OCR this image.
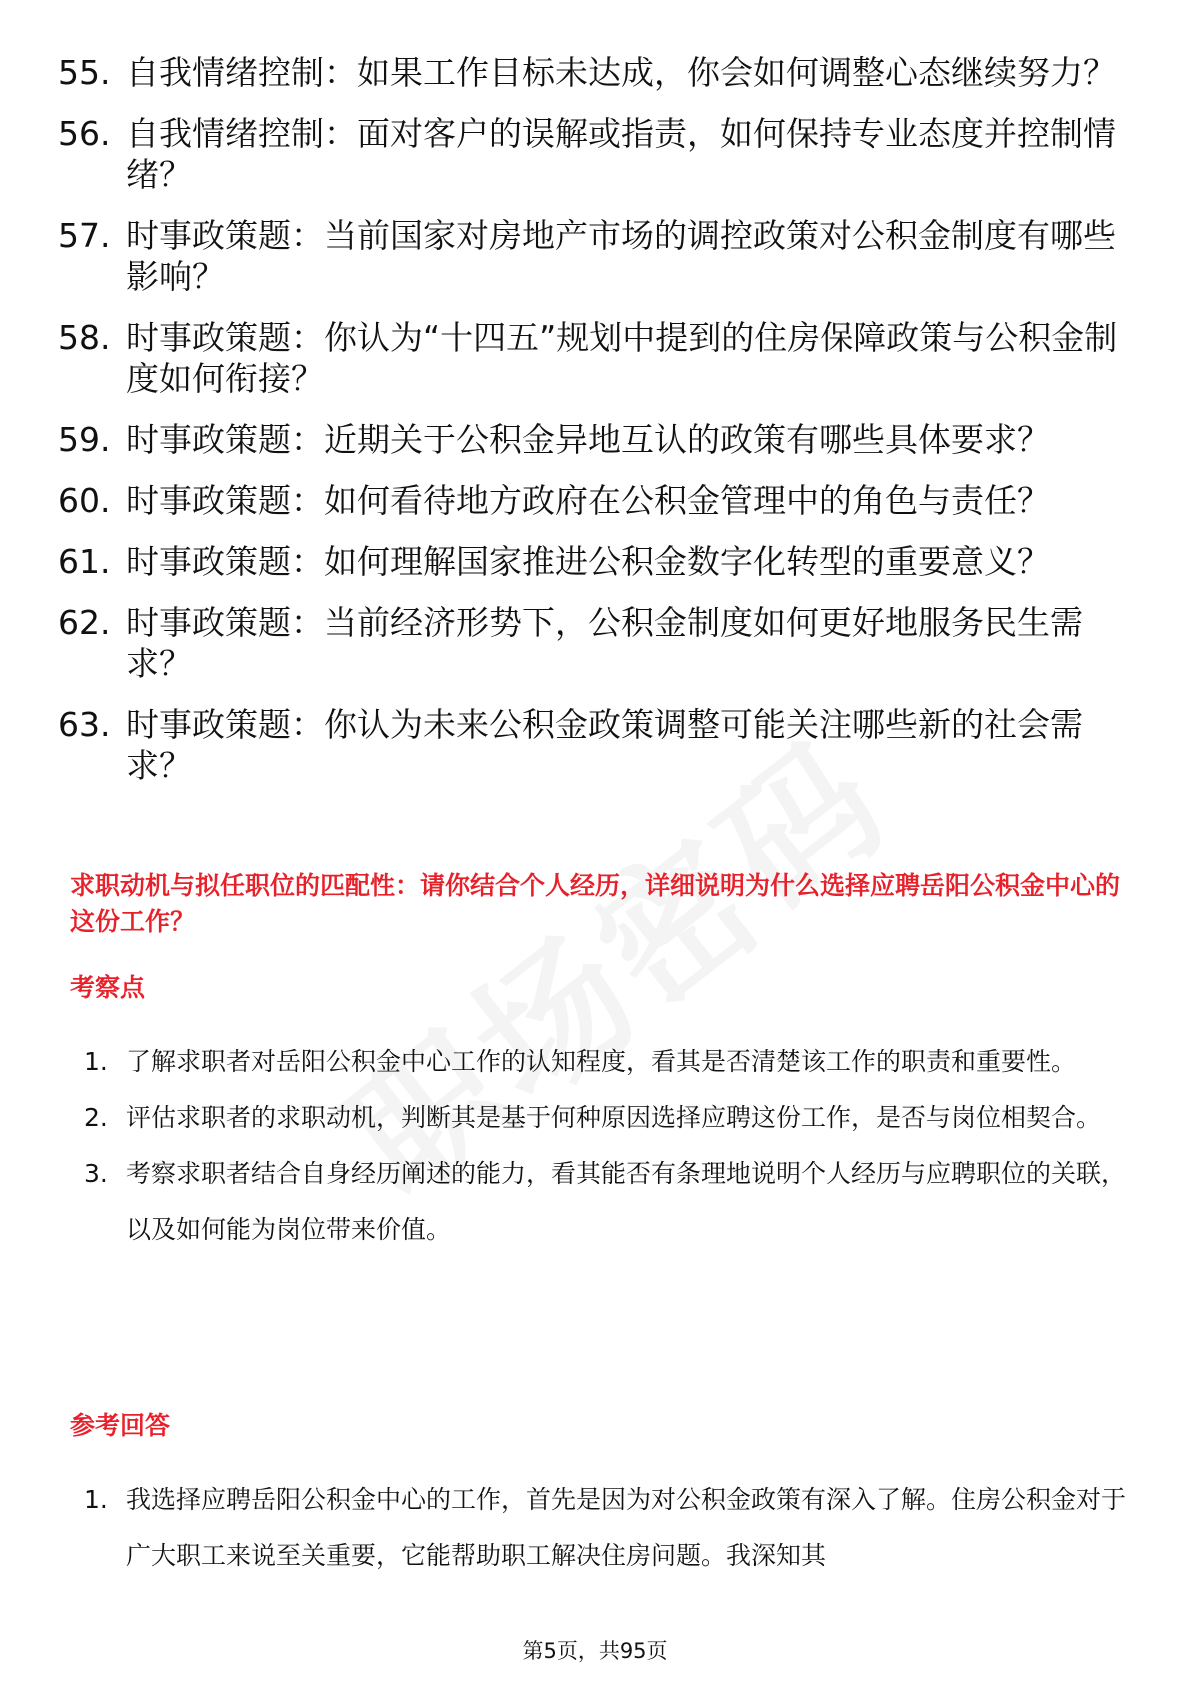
55. 自我情绪控制：如果工作目标未达成，你会如何调整心态继续努力？
56. 自我情绪控制：面对客户的误解或指责，如何保持专业态度并控制情绪？
57. 时事政策题：当前国家对房地产市场的调控政策对公积金制度有哪些影响？
58. 时事政策题：你认为“十四五”规划中提到的住房保障政策与公积金制度如何衔接？
59. 时事政策题：近期关于公积金异地互认的政策有哪些具体要求？
60. 时事政策题：如何看待地方政府在公积金管理中的角色与责任？
61. 时事政策题：如何理解国家推进公积金数字化转型的重要意义？
62. 时事政策题：当前经济形势下，公积金制度如何更好地服务民生需求？
63. 时事政策题：你认为未来公积金政策调整可能关注哪些新的社会需求？
求职动机与拟任职位的匹配性：请你结合个人经历，详细说明为什么选择应聘岳阳公积金中心的这份工作？
考察点
1. 了解求职者对岳阳公积金中心工作的认知程度，看其是否清楚该工作的职责和重要性。
2. 评估求职者的求职动机，判断其是基于何种原因选择应聘这份工作，是否与岗位相契合。
3. 考察求职者结合自身经历阐述的能力，看其能否有条理地说明个人经历与应聘职位的关联，以及如何能为岗位带来价值。
参考回答
1. 我选择应聘岳阳公积金中心的工作，首先是因为对公积金政策有深入了解。住房公积金对于广大职工来说至关重要，它能帮助职工解决住房问题。我深知其
第5页，共95页
